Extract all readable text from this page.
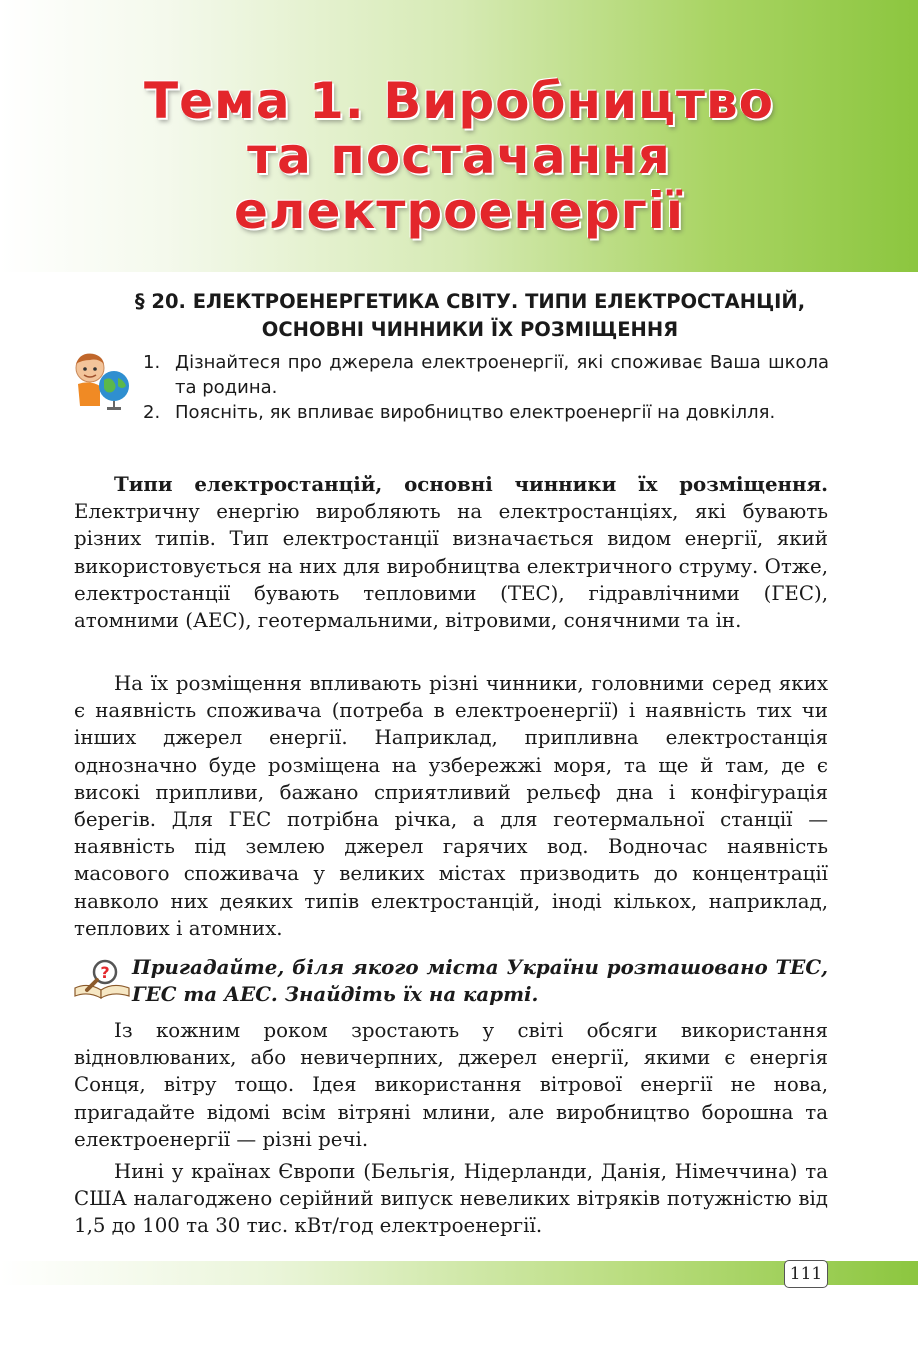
Тема 1. Виробництво
та постачання
електроенергії
§ 20. ЕЛЕКТРОЕНЕРГЕТИКА СВІТУ. ТИПИ ЕЛЕКТРОСТАНЦІЙ,
ОСНОВНІ ЧИННИКИ ЇХ РОЗМІЩЕННЯ
1. Дізнайтеся про джерела електроенергії, які споживає Ваша школа та родина.
2. Поясніть, як впливає виробництво електроенергії на довкілля.

Типи електростанцій, основні чинники їх розміщення. Електричну енергію виробляють на електростанціях, які бувають різних типів. Тип електростанції визначається видом енергії, який використовується на них для виробництва електричного струму. Отже, електростанції бувають тепловими (ТЕС), гідравлічними (ГЕС), атомними (АЕС), геотермальними, вітровими, сонячними та ін.

На їх розміщення впливають різні чинники, головними серед яких є наявність споживача (потреба в електроенергії) і наявність тих чи інших джерел енергії. Наприклад, припливна електростанція однозначно буде розміщена на узбережжі моря, та ще й там, де є високі припливи, бажано сприятливий рельєф дна і конфігурація берегів. Для ГЕС потрібна річка, а для геотермальної станції — наявність під землею джерел гарячих вод. Водночас наявність масового споживача у великих містах призводить до концентрації навколо них деяких типів електростанцій, іноді кількох, наприклад, теплових і атомних.

? Пригадайте, біля якого міста України розташовано ТЕС, ГЕС та АЕС. Знайдіть їх на карті.

Із кожним роком зростають у світі обсяги використання відновлюваних, або невичерпних, джерел енергії, якими є енергія Сонця, вітру тощо. Ідея використання вітрової енергії не нова, пригадайте відомі всім вітряні млини, але виробництво борошна та електроенергії — різні речі.

Нині у країнах Європи (Бельгія, Нідерланди, Данія, Німеччина) та США налагоджено серійний випуск невеликих вітряків потужністю від 1,5 до 100 та 30 тис. кВт/год електроенергії.

111
